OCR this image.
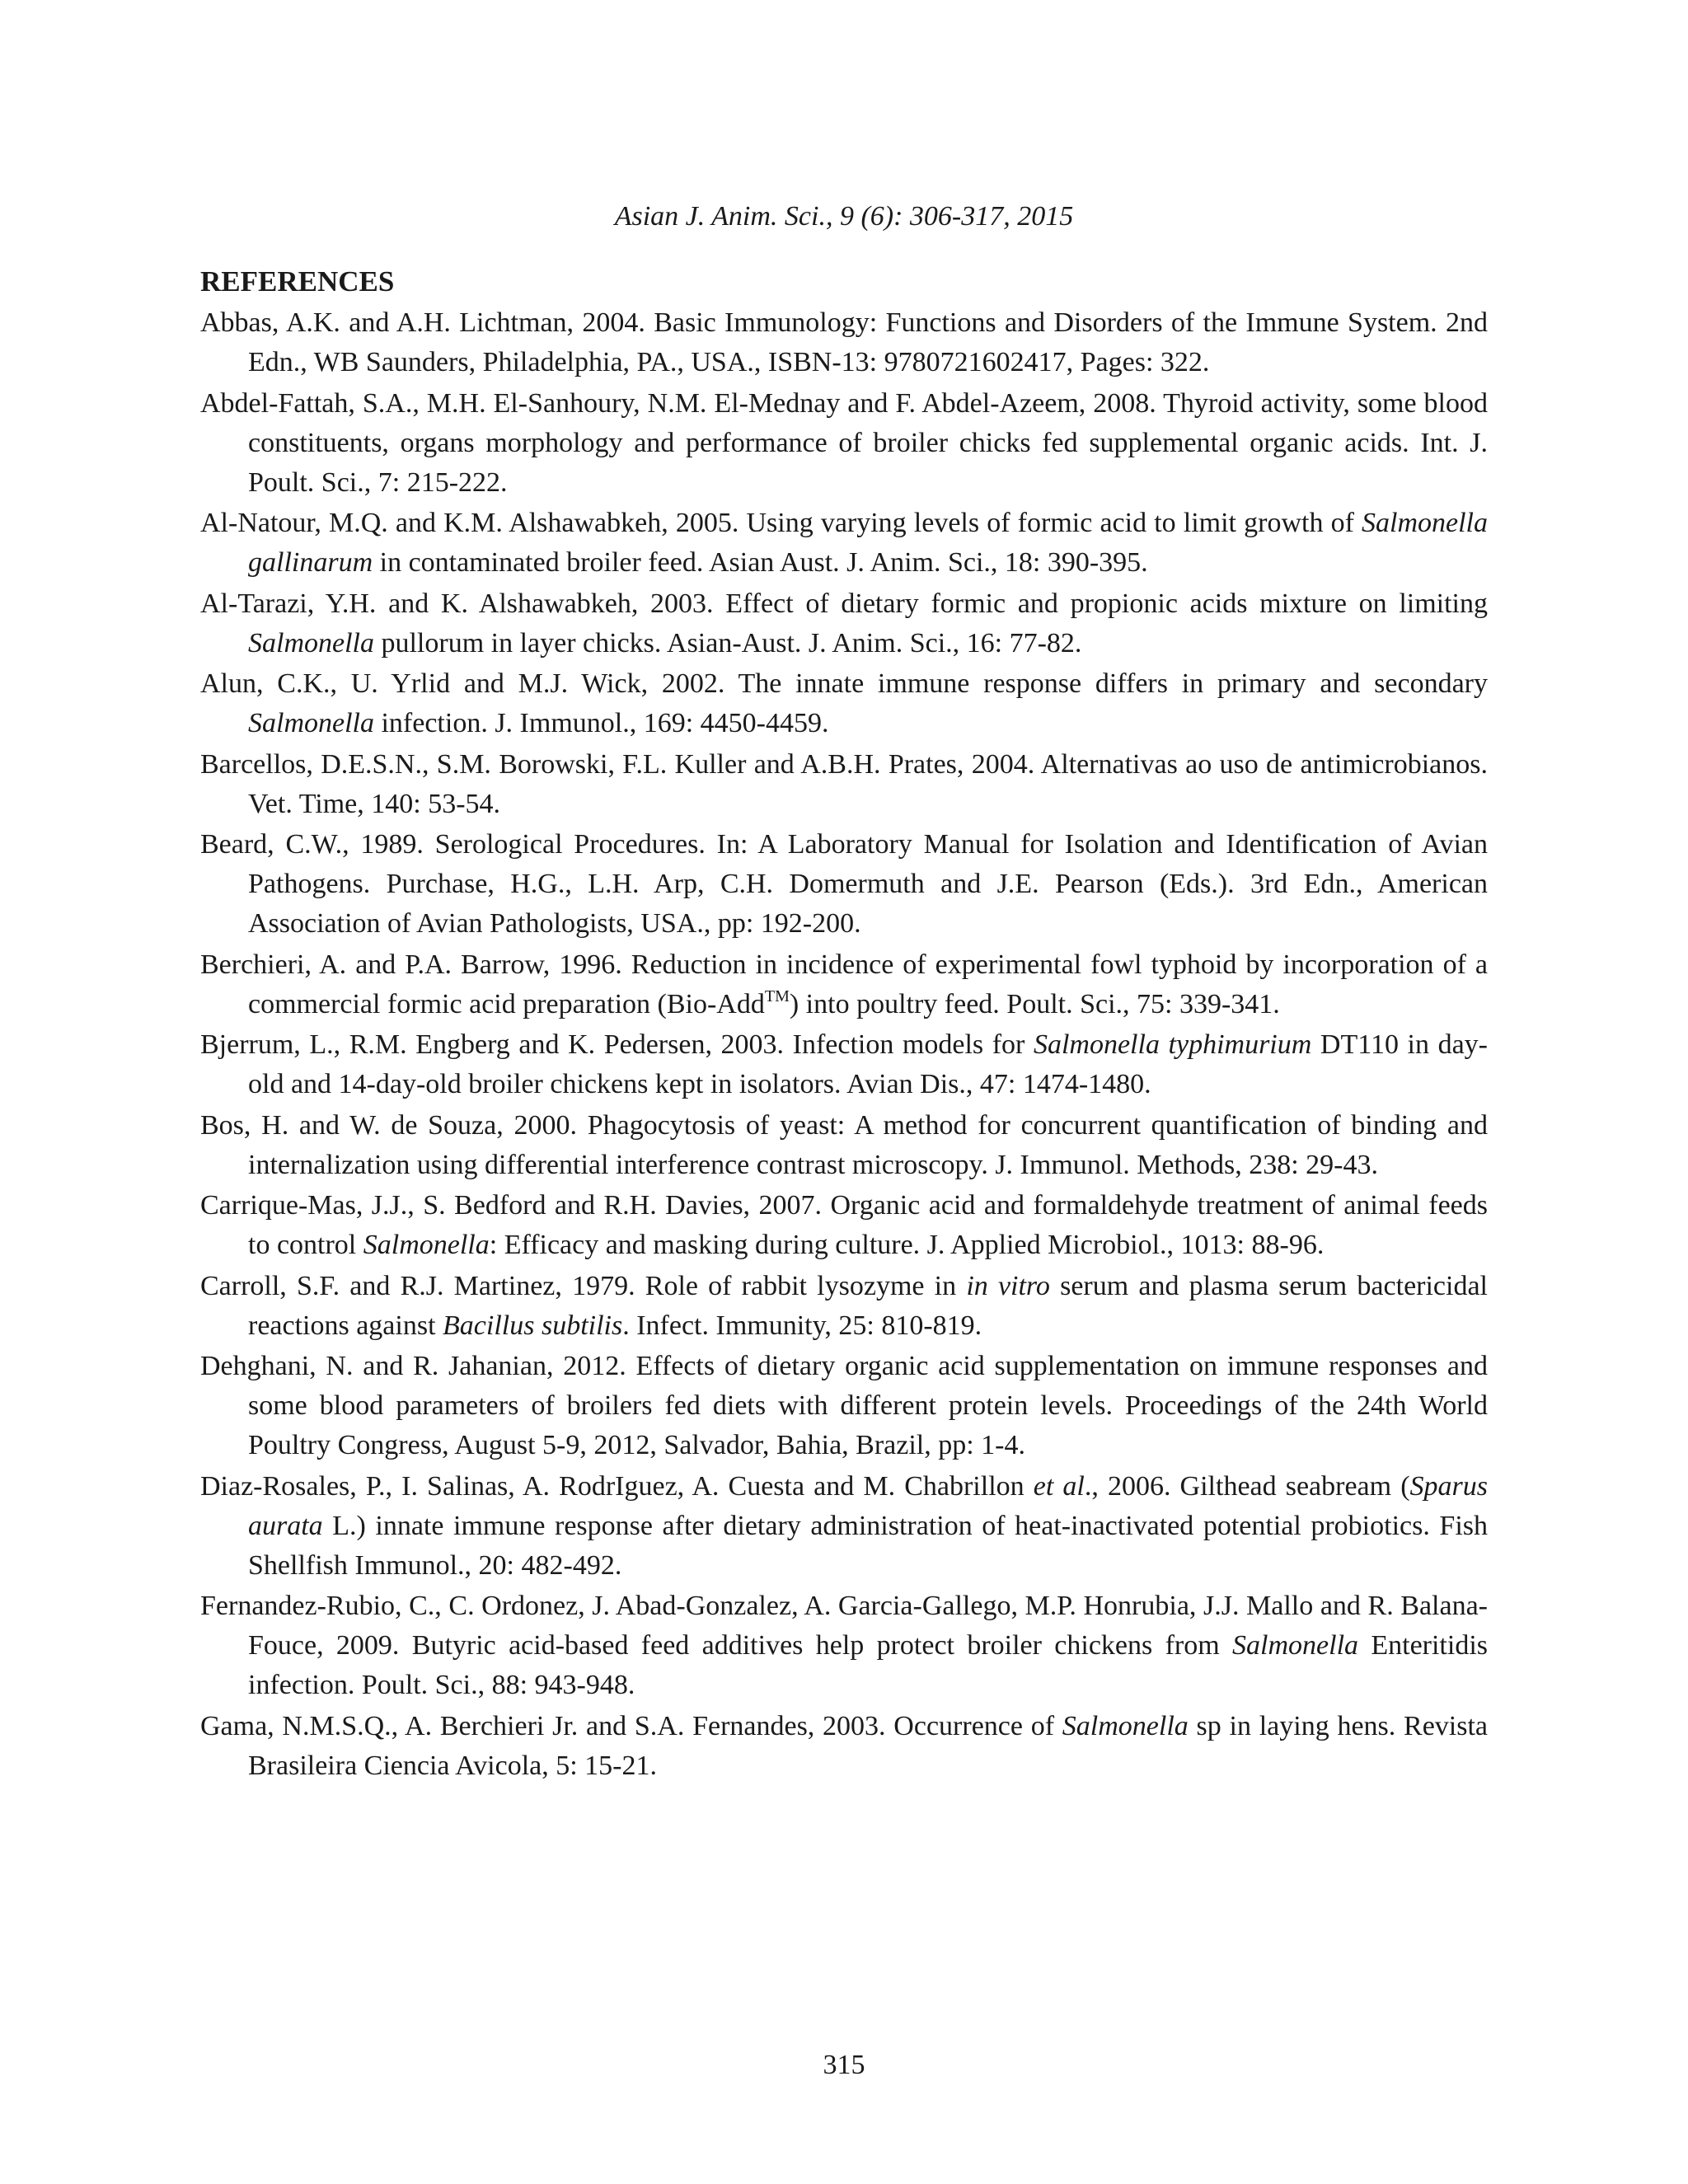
Asian J. Anim. Sci., 9 (6): 306-317, 2015
REFERENCES
Abbas, A.K. and A.H. Lichtman, 2004. Basic Immunology: Functions and Disorders of the Immune System. 2nd Edn., WB Saunders, Philadelphia, PA., USA., ISBN-13: 9780721602417, Pages: 322.
Abdel-Fattah, S.A., M.H. El-Sanhoury, N.M. El-Mednay and F. Abdel-Azeem, 2008. Thyroid activity, some blood constituents, organs morphology and performance of broiler chicks fed supplemental organic acids. Int. J. Poult. Sci., 7: 215-222.
Al-Natour, M.Q. and K.M. Alshawabkeh, 2005. Using varying levels of formic acid to limit growth of Salmonella gallinarum in contaminated broiler feed. Asian Aust. J. Anim. Sci., 18: 390-395.
Al-Tarazi, Y.H. and K. Alshawabkeh, 2003. Effect of dietary formic and propionic acids mixture on limiting Salmonella pullorum in layer chicks. Asian-Aust. J. Anim. Sci., 16: 77-82.
Alun, C.K., U. Yrlid and M.J. Wick, 2002. The innate immune response differs in primary and secondary Salmonella infection. J. Immunol., 169: 4450-4459.
Barcellos, D.E.S.N., S.M. Borowski, F.L. Kuller and A.B.H. Prates, 2004. Alternativas ao uso de antimicrobianos. Vet. Time, 140: 53-54.
Beard, C.W., 1989. Serological Procedures. In: A Laboratory Manual for Isolation and Identification of Avian Pathogens. Purchase, H.G., L.H. Arp, C.H. Domermuth and J.E. Pearson (Eds.). 3rd Edn., American Association of Avian Pathologists, USA., pp: 192-200.
Berchieri, A. and P.A. Barrow, 1996. Reduction in incidence of experimental fowl typhoid by incorporation of a commercial formic acid preparation (Bio-Add™) into poultry feed. Poult. Sci., 75: 339-341.
Bjerrum, L., R.M. Engberg and K. Pedersen, 2003. Infection models for Salmonella typhimurium DT110 in day-old and 14-day-old broiler chickens kept in isolators. Avian Dis., 47: 1474-1480.
Bos, H. and W. de Souza, 2000. Phagocytosis of yeast: A method for concurrent quantification of binding and internalization using differential interference contrast microscopy. J. Immunol. Methods, 238: 29-43.
Carrique-Mas, J.J., S. Bedford and R.H. Davies, 2007. Organic acid and formaldehyde treatment of animal feeds to control Salmonella: Efficacy and masking during culture. J. Applied Microbiol., 1013: 88-96.
Carroll, S.F. and R.J. Martinez, 1979. Role of rabbit lysozyme in in vitro serum and plasma serum bactericidal reactions against Bacillus subtilis. Infect. Immunity, 25: 810-819.
Dehghani, N. and R. Jahanian, 2012. Effects of dietary organic acid supplementation on immune responses and some blood parameters of broilers fed diets with different protein levels. Proceedings of the 24th World Poultry Congress, August 5-9, 2012, Salvador, Bahia, Brazil, pp: 1-4.
Diaz-Rosales, P., I. Salinas, A. RodrIguez, A. Cuesta and M. Chabrillon et al., 2006. Gilthead seabream (Sparus aurata L.) innate immune response after dietary administration of heat-inactivated potential probiotics. Fish Shellfish Immunol., 20: 482-492.
Fernandez-Rubio, C., C. Ordonez, J. Abad-Gonzalez, A. Garcia-Gallego, M.P. Honrubia, J.J. Mallo and R. Balana-Fouce, 2009. Butyric acid-based feed additives help protect broiler chickens from Salmonella Enteritidis infection. Poult. Sci., 88: 943-948.
Gama, N.M.S.Q., A. Berchieri Jr. and S.A. Fernandes, 2003. Occurrence of Salmonella sp in laying hens. Revista Brasileira Ciencia Avicola, 5: 15-21.
315
